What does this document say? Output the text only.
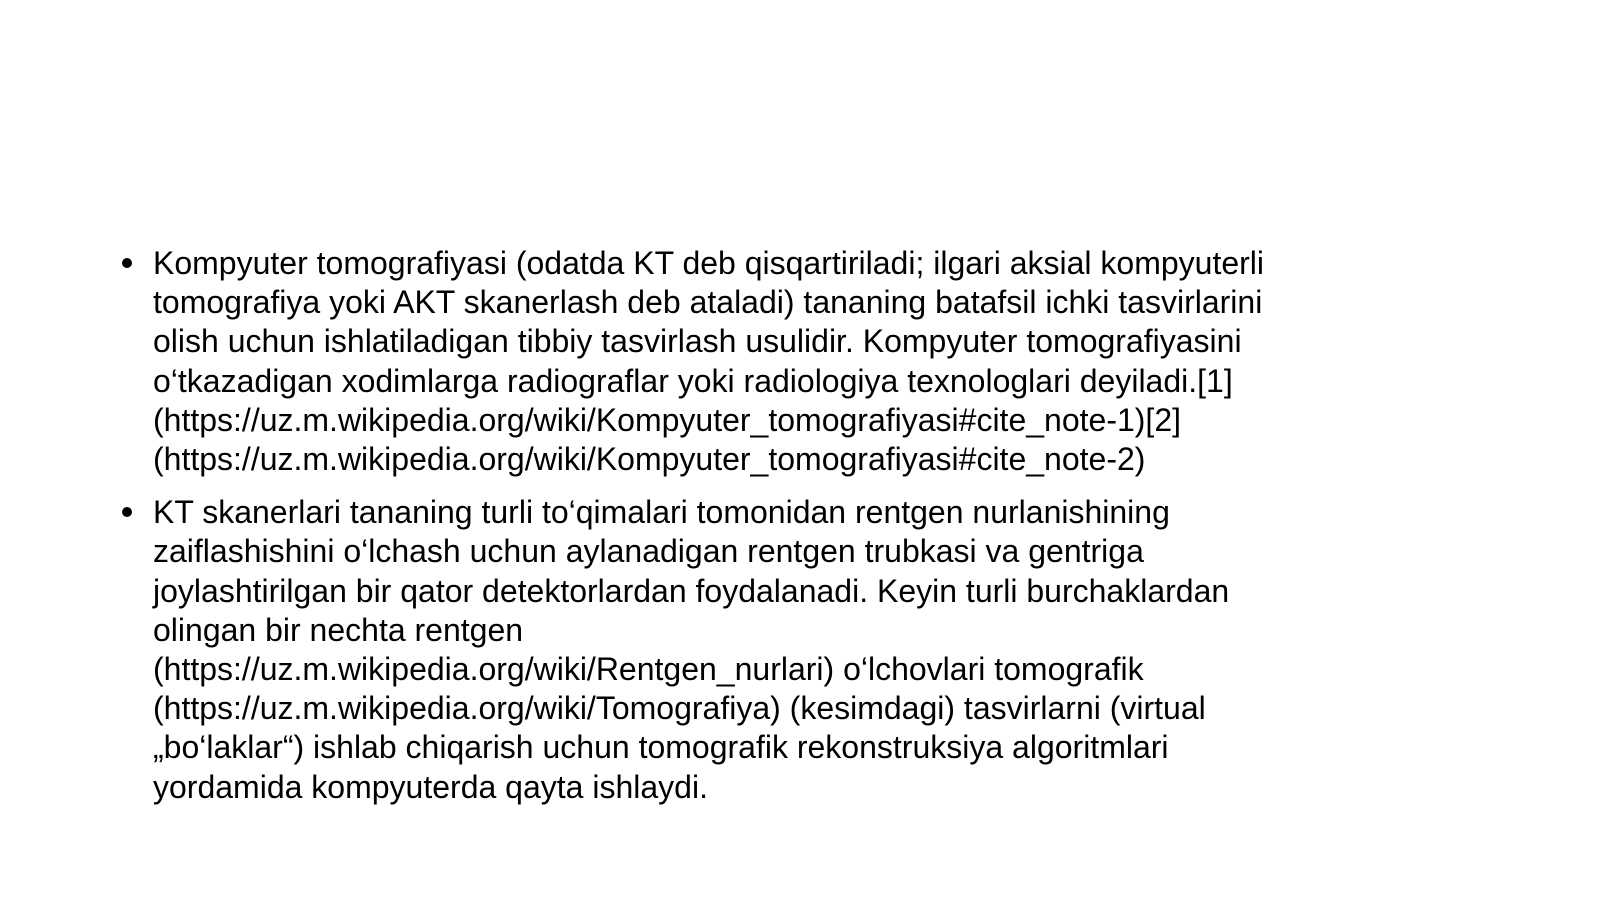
Kompyuter tomografiyasi (odatda KT deb qisqartiriladi; ilgari aksial kompyuterli
tomografiya yoki AKT skanerlash deb ataladi) tananing batafsil ichki tasvirlarini
olish uchun ishlatiladigan tibbiy tasvirlash usulidir. Kompyuter tomografiyasini
o‘tkazadigan xodimlarga radiograflar yoki radiologiya texnologlari deyiladi.[1]
(https://uz.m.wikipedia.org/wiki/Kompyuter_tomografiyasi#cite_note-1)[2]
(https://uz.m.wikipedia.org/wiki/Kompyuter_tomografiyasi#cite_note-2)
KT skanerlari tananing turli to‘qimalari tomonidan rentgen nurlanishining
zaiflashishini o‘lchash uchun aylanadigan rentgen trubkasi va gentriga
joylashtirilgan bir qator detektorlardan foydalanadi. Keyin turli burchaklardan
olingan bir nechta rentgen
(https://uz.m.wikipedia.org/wiki/Rentgen_nurlari) o‘lchovlari tomografik
(https://uz.m.wikipedia.org/wiki/Tomografiya) (kesimdagi) tasvirlarni (virtual
„bo‘laklar“) ishlab chiqarish uchun tomografik rekonstruksiya algoritmlari
yordamida kompyuterda qayta ishlaydi.
